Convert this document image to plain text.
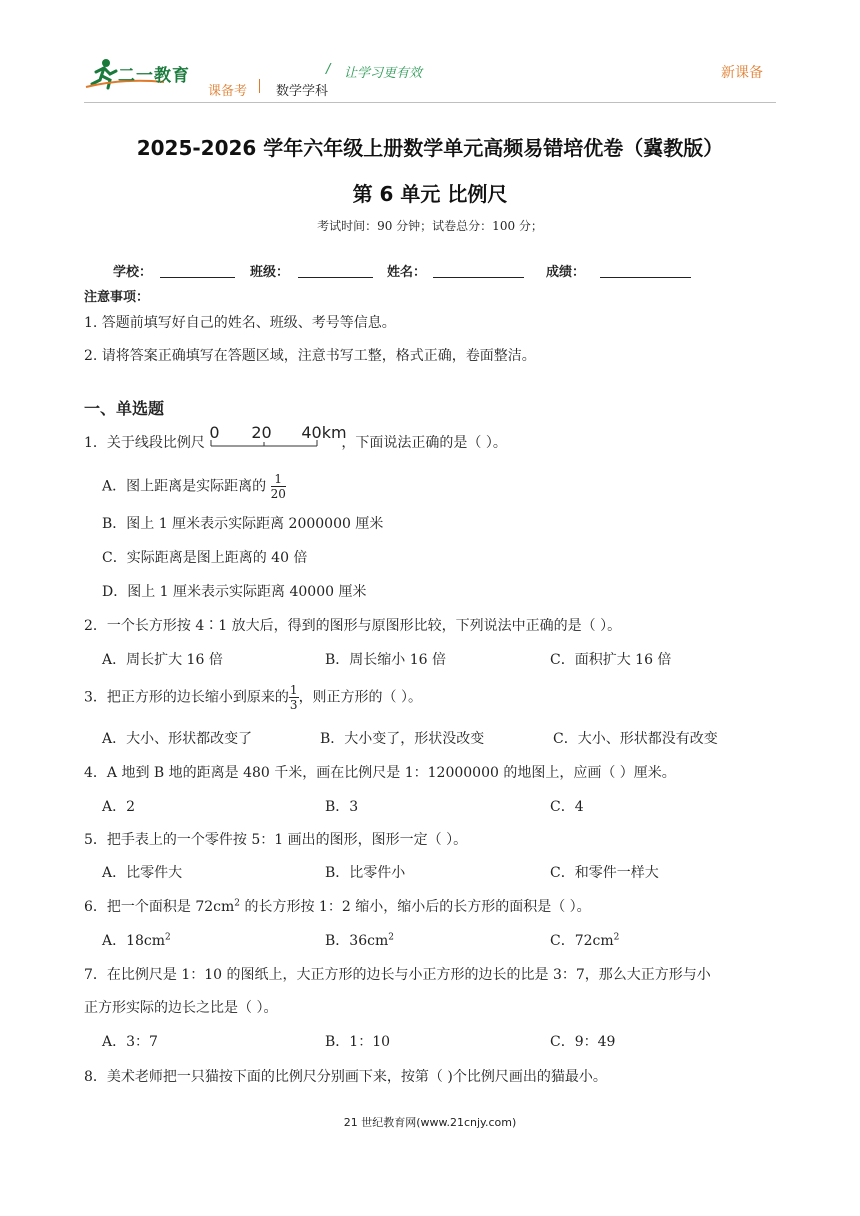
二一教育	/ 让学习更有效
课备考 数学学科
新课备
2025-2026 学年六年级上册数学单元高频易错培优卷（冀教版）
第 6 单元 比例尺
考试时间：90 分钟；试卷总分：100 分；
学校：	班级：	姓名：	成绩：
注意事项：
1. 答题前填写好自己的姓名、班级、考号等信息。
2. 请将答案正确填写在答题区域，注意书写工整，格式正确，卷面整洁。
一、单选题
1．关于线段比例尺
0 20 40km
，下面说法正确的是（ ）。
A．图上距离是实际距离的 $\frac{1}{20}$
B．图上 1 厘米表示实际距离 2000000 厘米
C．实际距离是图上距离的 40 倍
D．图上 1 厘米表示实际距离 40000 厘米
2．一个长方形按 4∶1 放大后，得到的图形与原图形比较，下列说法中正确的是（ ）。
A．周长扩大 16 倍	B．周长缩小 16 倍	C．面积扩大 16 倍
3．把正方形的边长缩小到原来的 $\frac{1}{3}$ ，则正方形的（ ）。
A．大小、形状都改变了	B．大小变了，形状没改变	C．大小、形状都没有改变
4．A 地到 B 地的距离是 480 千米，画在比例尺是 1：12000000 的地图上，应画（ ）厘米。
A．2	B．3	C．4
5．把手表上的一个零件按 5：1 画出的图形，图形一定（ ）。
A．比零件大	B．比零件小	C．和零件一样大
6．把一个面积是 $72cm^2$ 的长方形按 1：2 缩小，缩小后的长方形的面积是（ ）。
A．$18cm^2$	B．$36cm^2$	C．$72cm^2$
7．在比例尺是 1：10 的图纸上，大正方形的边长与小正方形的边长的比是 3：7，那么大正方形与小
正方形实际的边长之比是（ ）。
A．3：7	B．1：10	C．9：49
8．美术老师把一只猫按下面的比例尺分别画下来，按第（ )个比例尺画出的猫最小。
21 世纪教育网(www.21cnjy.com)
